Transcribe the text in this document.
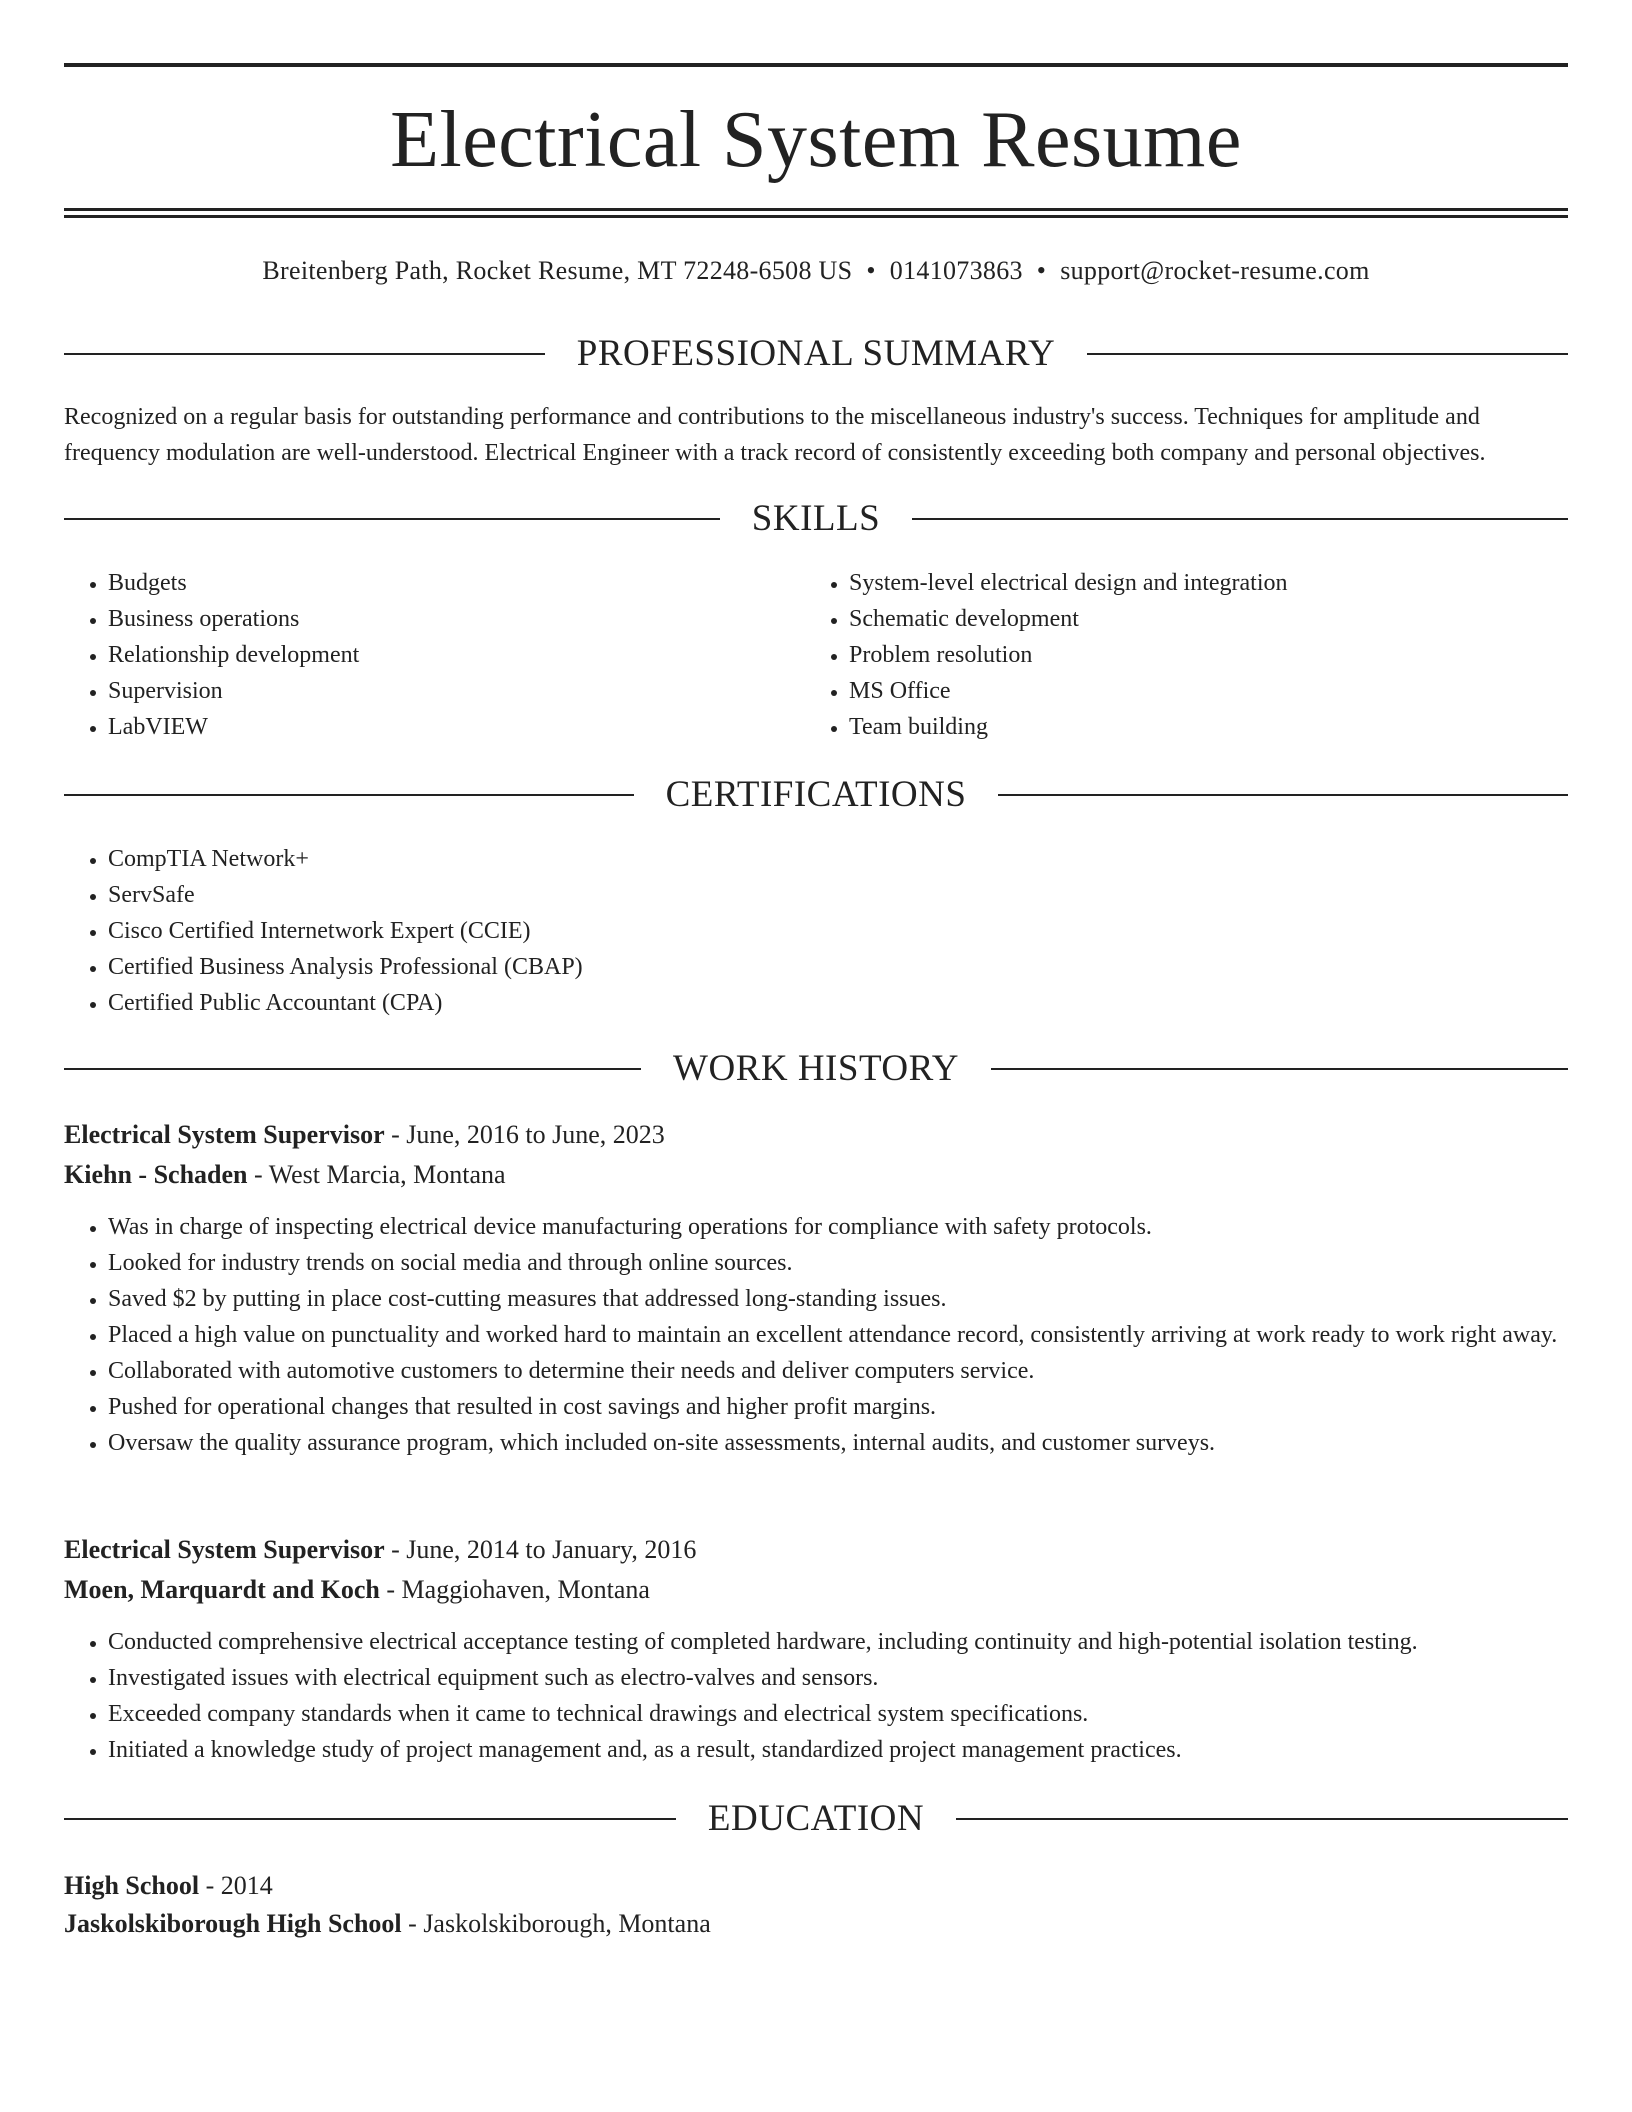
Electrical System Resume
Breitenberg Path, Rocket Resume, MT 72248-6508 US • 0141073863 • support@rocket-resume.com
PROFESSIONAL SUMMARY

Recognized on a regular basis for outstanding performance and contributions to the miscellaneous industry's success. Techniques for amplitude and frequency modulation are well-understood. Electrical Engineer with a track record of consistently exceeding both company and personal objectives.

SKILLS
• Budgets
• Business operations
• Relationship development
• Supervision
• LabVIEW
• System-level electrical design and integration
• Schematic development
• Problem resolution
• MS Office
• Team building
CERTIFICATIONS
• CompTIA Network+
• ServSafe
• Cisco Certified Internetwork Expert (CCIE)
• Certified Business Analysis Professional (CBAP)
• Certified Public Accountant (CPA)
WORK HISTORY
Electrical System Supervisor - June, 2016 to June, 2023
Kiehn - Schaden - West Marcia, Montana
• Was in charge of inspecting electrical device manufacturing operations for compliance with safety protocols.
• Looked for industry trends on social media and through online sources.
• Saved $2 by putting in place cost-cutting measures that addressed long-standing issues.
• Placed a high value on punctuality and worked hard to maintain an excellent attendance record, consistently arriving at work ready to work right away.
• Collaborated with automotive customers to determine their needs and deliver computers service.
• Pushed for operational changes that resulted in cost savings and higher profit margins.
• Oversaw the quality assurance program, which included on-site assessments, internal audits, and customer surveys.
Electrical System Supervisor - June, 2014 to January, 2016
Moen, Marquardt and Koch - Maggiohaven, Montana
• Conducted comprehensive electrical acceptance testing of completed hardware, including continuity and high-potential isolation testing.
• Investigated issues with electrical equipment such as electro-valves and sensors.
• Exceeded company standards when it came to technical drawings and electrical system specifications.
• Initiated a knowledge study of project management and, as a result, standardized project management practices.
EDUCATION
High School - 2014
Jaskolskiborough High School - Jaskolskiborough, Montana
